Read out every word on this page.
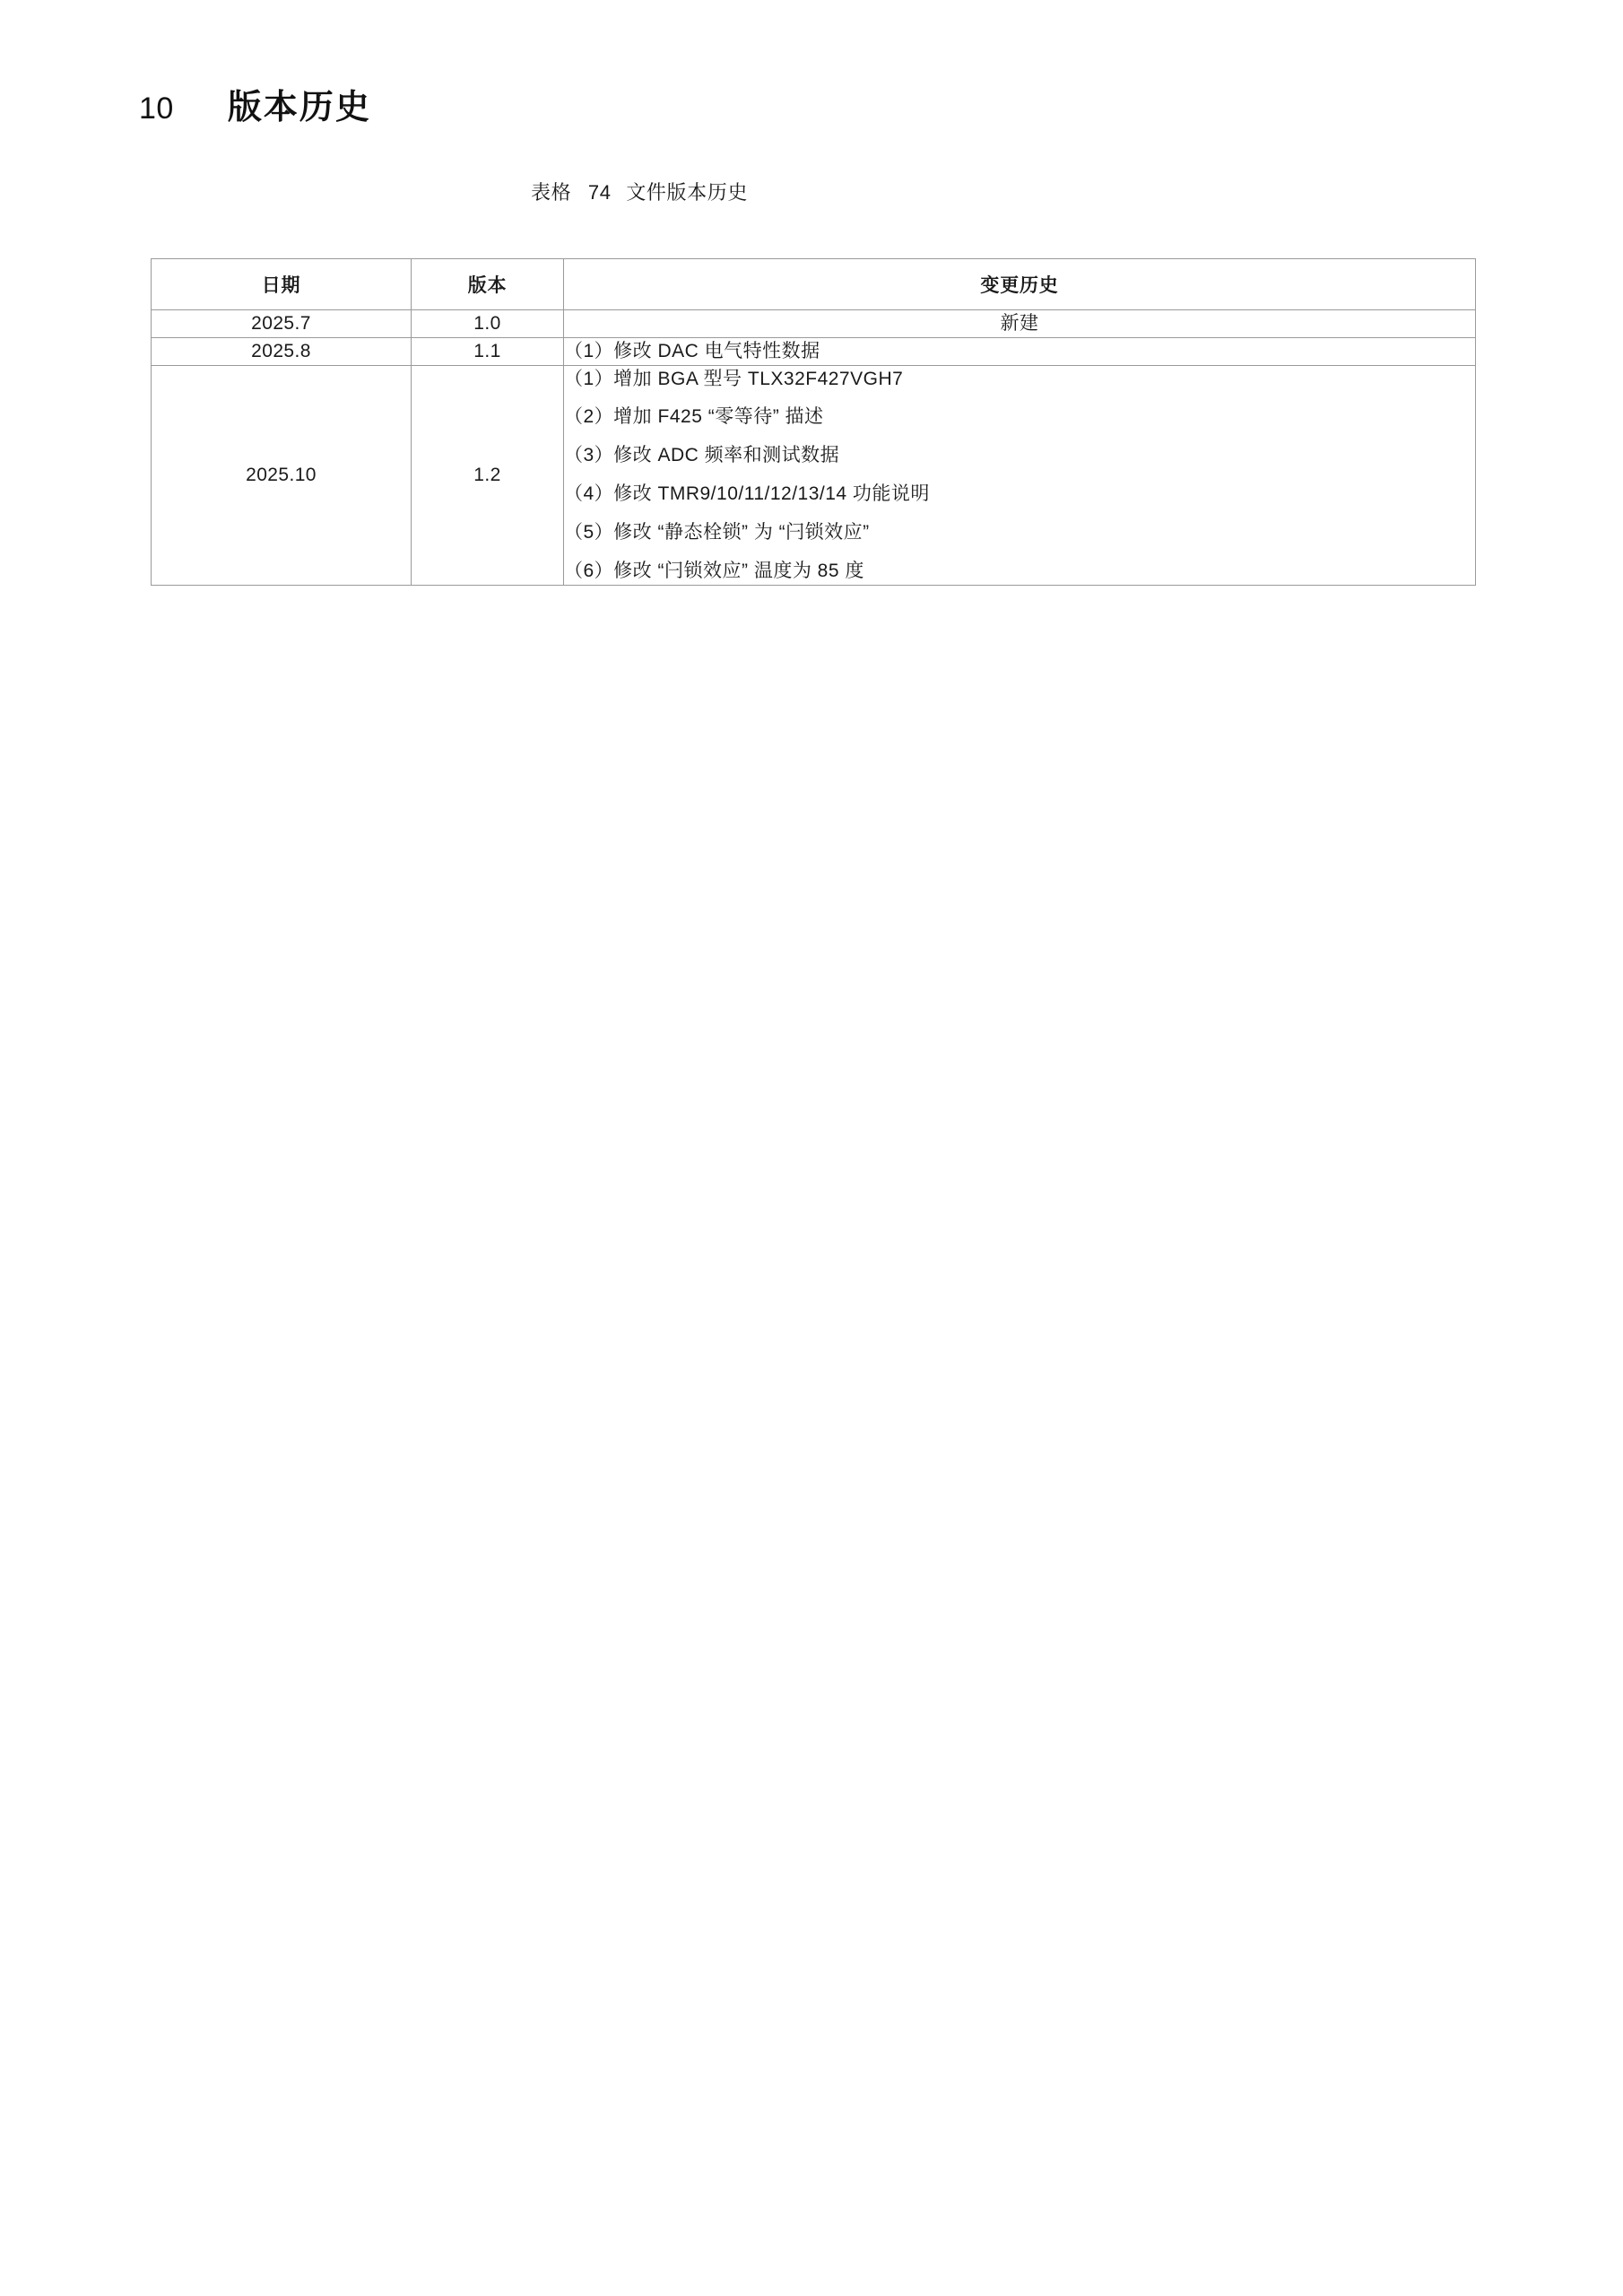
10 版本历史
表格 74 文件版本历史
日期	版本	变更历史
2025.7	1.0	新建

2025.8	1.1	（1）修改 DAC 电气特性数据

2025.10	1.2	
（1）增加 BGA 型号 TLX32F427VGH7
（2）增加 F425 “零等待” 描述
（3）修改 ADC 频率和测试数据
（4）修改 TMR9/10/11/12/13/14 功能说明
（5）修改 “静态栓锁” 为 “闩锁效应”
（6）修改 “闩锁效应” 温度为 85 度
